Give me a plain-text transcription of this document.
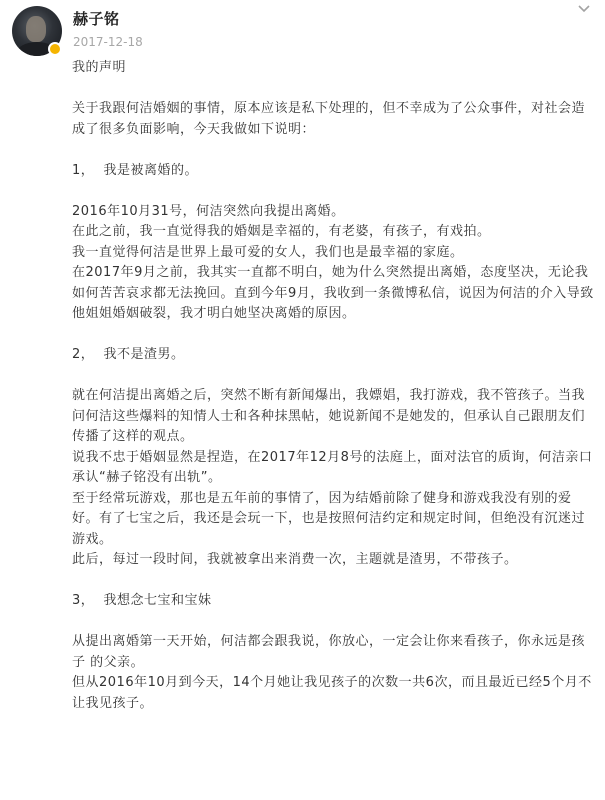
赫子铭
2017-12-18

我的声明

关于我跟何洁婚姻的事情，原本应该是私下处理的，但不幸成为了公众事件，对社会造成了很多负面影响，今天我做如下说明：

1，  我是被离婚的。

2016年10月31号，何洁突然向我提出离婚。

在此之前，我一直觉得我的婚姻是幸福的，有老婆，有孩子，有戏拍。

我一直觉得何洁是世界上最可爱的女人，我们也是最幸福的家庭。

在2017年9月之前，我其实一直都不明白，她为什么突然提出离婚，态度坚决，无论我如何苦苦哀求都无法挽回。直到今年9月，我收到一条微博私信，说因为何洁的介入导致他姐姐婚姻破裂，我才明白她坚决离婚的原因。

2，  我不是渣男。

就在何洁提出离婚之后，突然不断有新闻爆出，我嫖娼，我打游戏，我不管孩子。当我问何洁这些爆料的知情人士和各种抹黑帖，她说新闻不是她发的，但承认自己跟朋友们传播了这样的观点。

说我不忠于婚姻显然是捏造，在2017年12月8号的法庭上，面对法官的质询，何洁亲口承认“赫子铭没有出轨”。

至于经常玩游戏，那也是五年前的事情了，因为结婚前除了健身和游戏我没有别的爱好。有了七宝之后，我还是会玩一下，也是按照何洁约定和规定时间，但绝没有沉迷过游戏。

此后，每过一段时间，我就被拿出来消费一次，主题就是渣男，不带孩子。

3，  我想念七宝和宝妹

从提出离婚第一天开始，何洁都会跟我说，你放心，一定会让你来看孩子，你永远是孩子 的父亲。

但从2016年10月到今天，14个月她让我见孩子的次数一共6次，而且最近已经5个月不让我见孩子。
